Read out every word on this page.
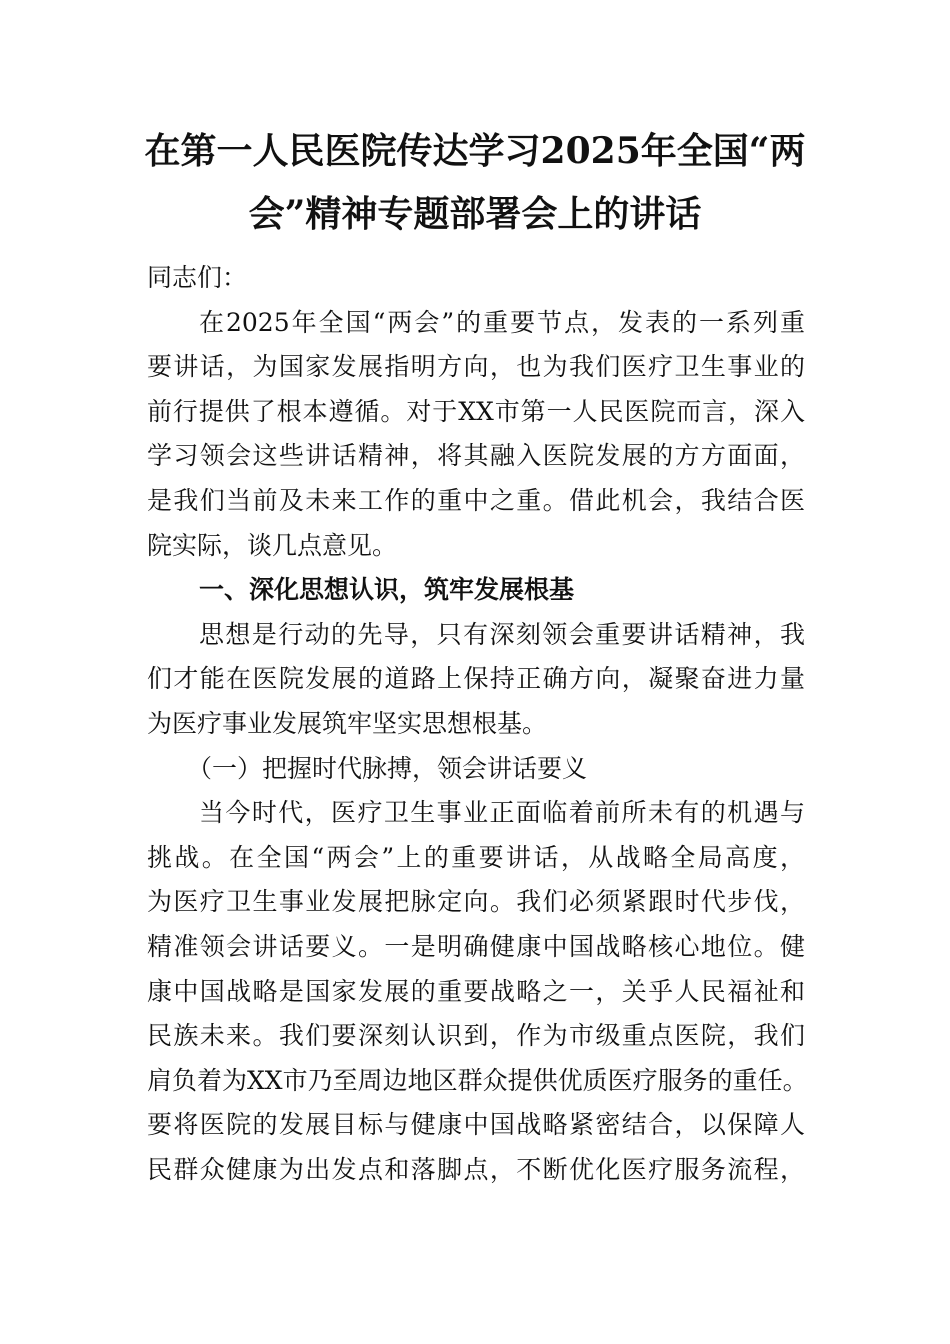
在第一人民医院传达学习2025年全国“两
会”精神专题部署会上的讲话
同志们：
在2025年全国“两会”的重要节点，发表的一系列重
要讲话，为国家发展指明方向，也为我们医疗卫生事业的
前行提供了根本遵循。对于XX市第一人民医院而言，深入
学习领会这些讲话精神，将其融入医院发展的方方面面，
是我们当前及未来工作的重中之重。借此机会，我结合医
院实际，谈几点意见。
一、深化思想认识，筑牢发展根基
思想是行动的先导，只有深刻领会重要讲话精神，我
们才能在医院发展的道路上保持正确方向，凝聚奋进力量
为医疗事业发展筑牢坚实思想根基。
（一）把握时代脉搏，领会讲话要义
当今时代，医疗卫生事业正面临着前所未有的机遇与
挑战。在全国“两会”上的重要讲话，从战略全局高度，
为医疗卫生事业发展把脉定向。我们必须紧跟时代步伐，
精准领会讲话要义。一是明确健康中国战略核心地位。健
康中国战略是国家发展的重要战略之一，关乎人民福祉和
民族未来。我们要深刻认识到，作为市级重点医院，我们
肩负着为XX市乃至周边地区群众提供优质医疗服务的重任。
要将医院的发展目标与健康中国战略紧密结合，以保障人
民群众健康为出发点和落脚点，不断优化医疗服务流程，
